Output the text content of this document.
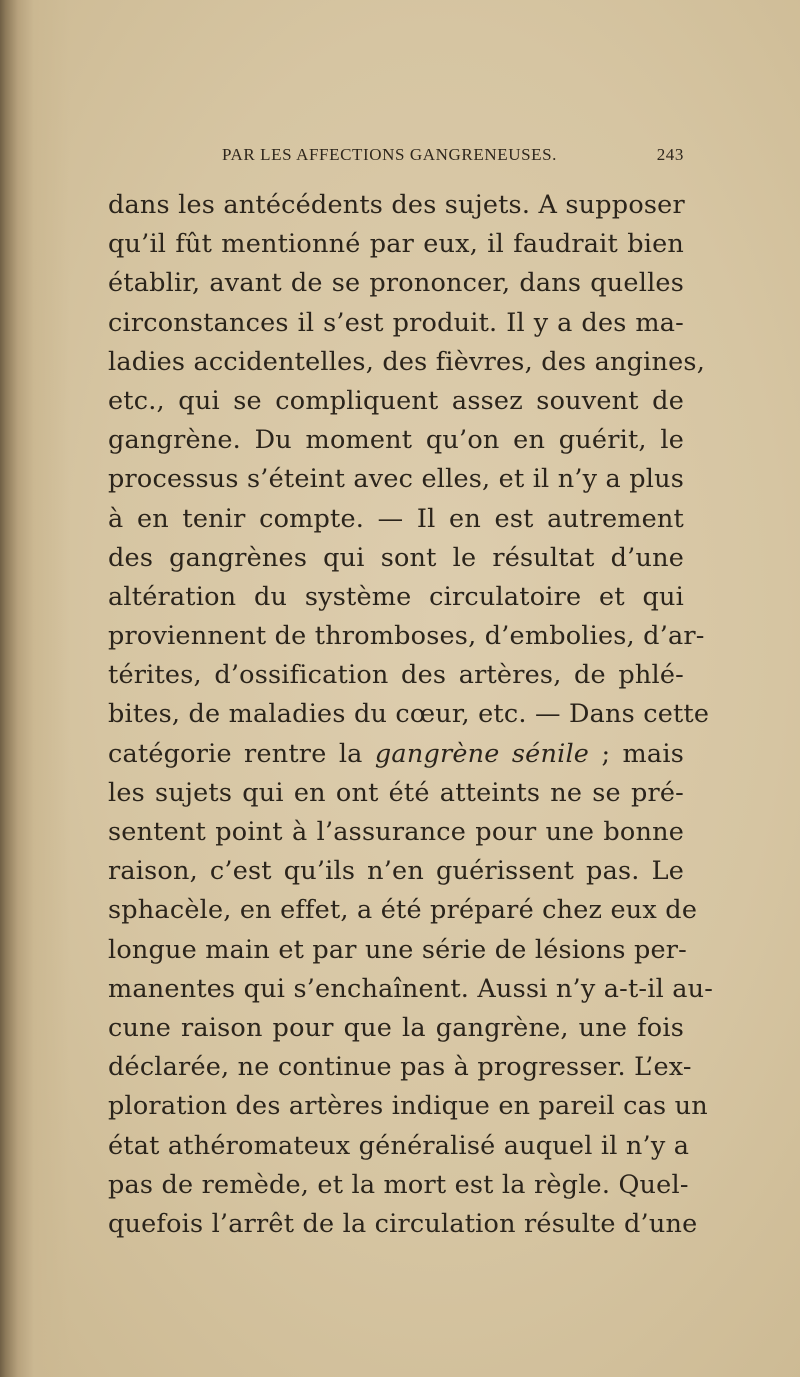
PAR LES AFFECTIONS GANGRENEUSES.	243
dans les antécédents des sujets. A supposer
qu’il fût mentionné par eux, il faudrait bien
établir, avant de se prononcer, dans quelles
circonstances il s’est produit. Il y a des ma-
ladies accidentelles, des fièvres, des angines,
etc., qui se compliquent assez souvent de
gangrène. Du moment qu’on en guérit, le
processus s’éteint avec elles, et il n’y a plus
à en tenir compte. — Il en est autrement
des gangrènes qui sont le résultat d’une
altération du système circulatoire et qui
proviennent de thromboses, d’embolies, d’ar-
térites, d’ossification des artères, de phlé-
bites, de maladies du cœur, etc. — Dans cette
catégorie rentre la gangrène sénile ; mais
les sujets qui en ont été atteints ne se pré-
sentent point à l’assurance pour une bonne
raison, c’est qu’ils n’en guérissent pas. Le
sphacèle, en effet, a été préparé chez eux de
longue main et par une série de lésions per-
manentes qui s’enchaînent. Aussi n’y a-t-il au-
cune raison pour que la gangrène, une fois
déclarée, ne continue pas à progresser. L’ex-
ploration des artères indique en pareil cas un
état athéromateux généralisé auquel il n’y a
pas de remède, et la mort est la règle. Quel-
quefois l’arrêt de la circulation résulte d’une
